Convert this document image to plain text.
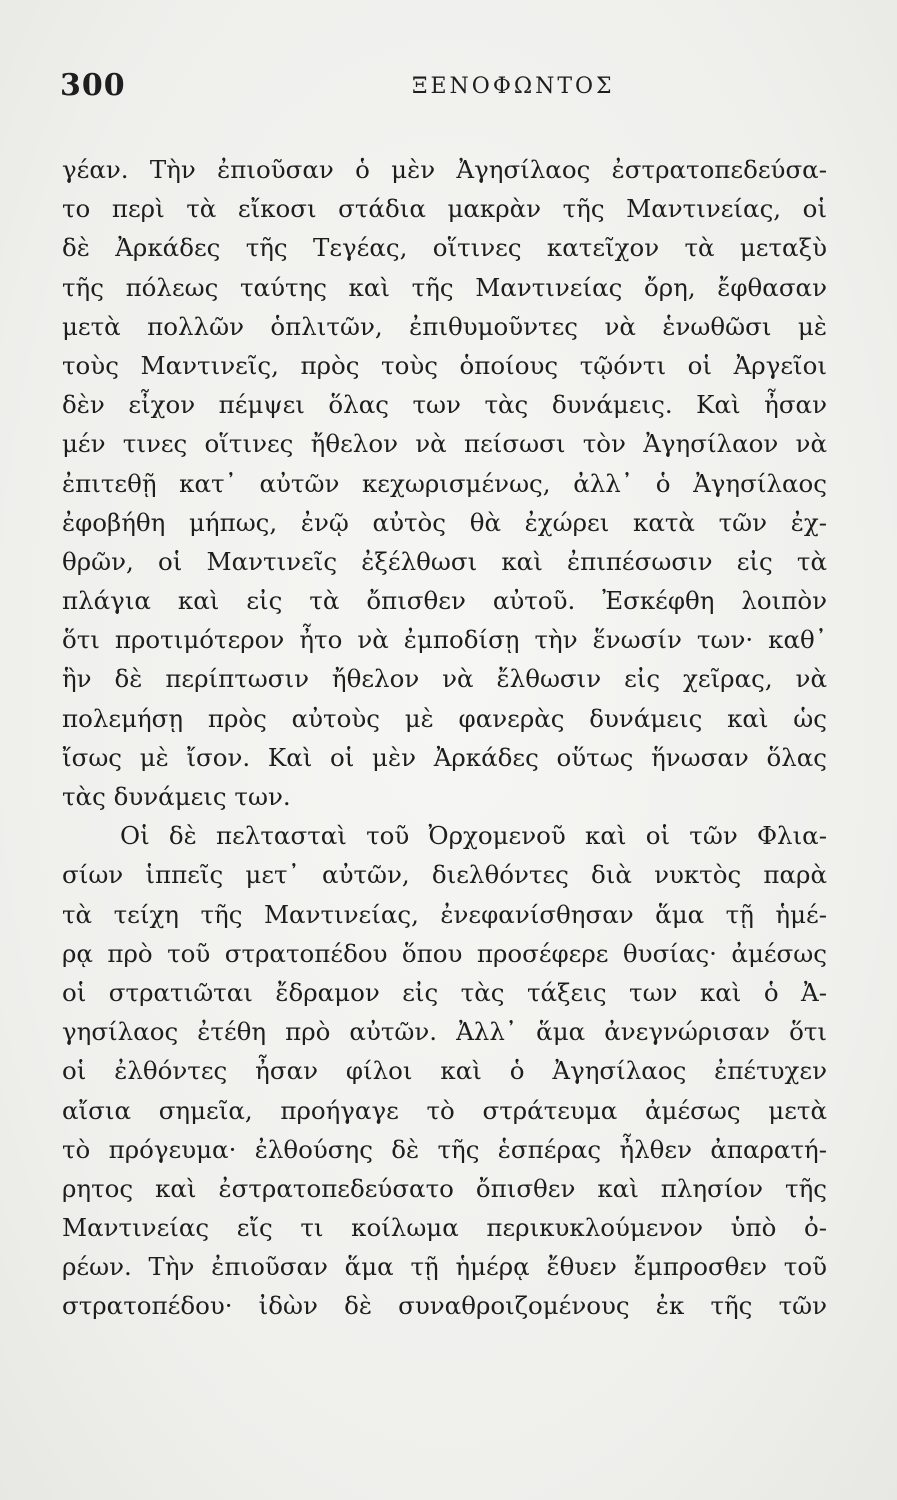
300	ΞΕΝΟΦΩΝΤΟΣ
γέαν. Τὴν ἐπιοῦσαν ὁ μὲν Ἀγησίλαος ἐστρατοπεδεύσα-
το περὶ τὰ εἴκοσι στάδια μακρὰν τῆς Μαντινείας, οἱ
δὲ Ἀρκάδες τῆς Τεγέας, οἵτινες κατεῖχον τὰ μεταξὺ
τῆς πόλεως ταύτης καὶ τῆς Μαντινείας ὄρη, ἔφθασαν
μετὰ πολλῶν ὁπλιτῶν, ἐπιθυμοῦντες νὰ ἑνωθῶσι μὲ
τοὺς Μαντινεῖς, πρὸς τοὺς ὁποίους τῷόντι οἱ Ἀργεῖοι
δὲν εἶχον πέμψει ὅλας των τὰς δυνάμεις. Καὶ ἦσαν
μέν τινες οἵτινες ἤθελον νὰ πείσωσι τὸν Ἀγησίλαον νὰ
ἐπιτεθῇ κατ᾿ αὐτῶν κεχωρισμένως, ἀλλ᾿ ὁ Ἀγησίλαος
ἐφοβήθη μήπως, ἐνῷ αὐτὸς θὰ ἐχώρει κατὰ τῶν ἐχ-
θρῶν, οἱ Μαντινεῖς ἐξέλθωσι καὶ ἐπιπέσωσιν εἰς τὰ
πλάγια καὶ εἰς τὰ ὄπισθεν αὐτοῦ. Ἐσκέφθη λοιπὸν
ὅτι προτιμότερον ἦτο νὰ ἐμποδίσῃ τὴν ἕνωσίν των· καθ᾿
ἣν δὲ περίπτωσιν ἤθελον νὰ ἔλθωσιν εἰς χεῖρας, νὰ
πολεμήσῃ πρὸς αὐτοὺς μὲ φανερὰς δυνάμεις καὶ ὡς
ἴσως μὲ ἴσον. Καὶ οἱ μὲν Ἀρκάδες οὕτως ἥνωσαν ὅλας
τὰς δυνάμεις των.
Οἱ δὲ πελτασταὶ τοῦ Ὀρχομενοῦ καὶ οἱ τῶν Φλια-
σίων ἱππεῖς μετ᾿ αὐτῶν, διελθόντες διὰ νυκτὸς παρὰ
τὰ τείχη τῆς Μαντινείας, ἐνεφανίσθησαν ἅμα τῇ ἡμέ-
ρᾳ πρὸ τοῦ στρατοπέδου ὅπου προσέφερε θυσίας· ἀμέσως
οἱ στρατιῶται ἔδραμον εἰς τὰς τάξεις των καὶ ὁ Ἀ-
γησίλαος ἐτέθη πρὸ αὐτῶν. Ἀλλ᾿ ἅμα ἀνεγνώρισαν ὅτι
οἱ ἐλθόντες ἦσαν φίλοι καὶ ὁ Ἀγησίλαος ἐπέτυχεν
αἴσια σημεῖα, προήγαγε τὸ στράτευμα ἀμέσως μετὰ
τὸ πρόγευμα· ἐλθούσης δὲ τῆς ἑσπέρας ἦλθεν ἀπαρατή-
ρητος καὶ ἐστρατοπεδεύσατο ὄπισθεν καὶ πλησίον τῆς
Μαντινείας εἴς τι κοίλωμα περικυκλούμενον ὑπὸ ὀ-
ρέων. Τὴν ἐπιοῦσαν ἅμα τῇ ἡμέρᾳ ἔθυεν ἔμπροσθεν τοῦ
στρατοπέδου· ἰδὼν δὲ συναθροιζομένους ἐκ τῆς τῶν
